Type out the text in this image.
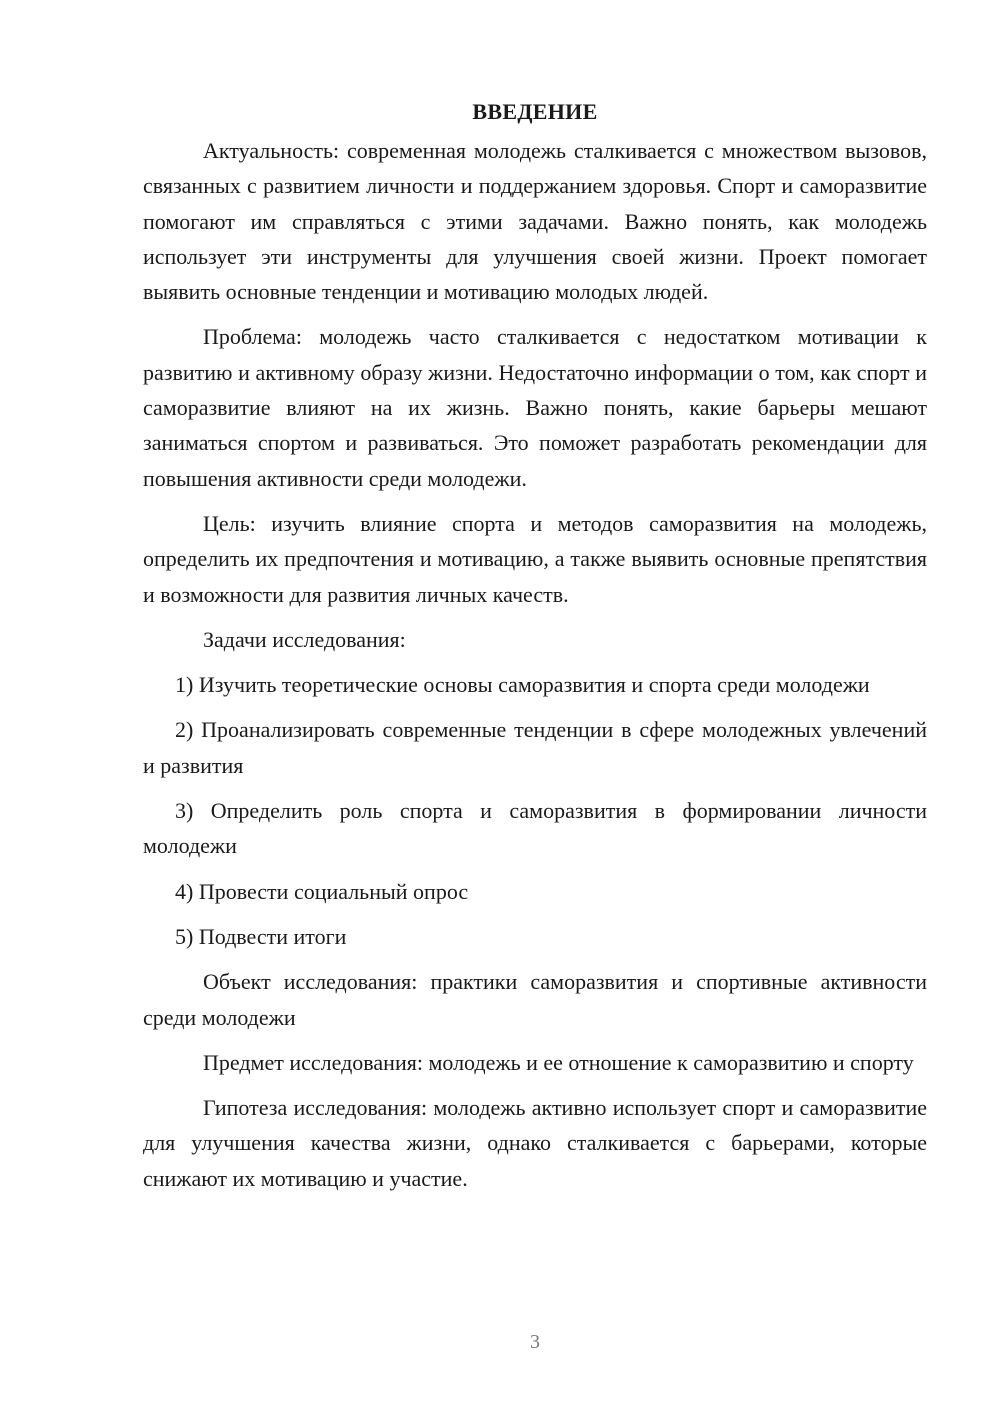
ВВЕДЕНИЕ

Актуальность: современная молодежь сталкивается с множеством вызовов, связанных с развитием личности и поддержанием здоровья. Спорт и саморазвитие помогают им справляться с этими задачами. Важно понять, как молодежь использует эти инструменты для улучшения своей жизни. Проект помогает выявить основные тенденции и мотивацию молодых людей.

Проблема: молодежь часто сталкивается с недостатком мотивации к развитию и активному образу жизни. Недостаточно информации о том, как спорт и саморазвитие влияют на их жизнь. Важно понять, какие барьеры мешают заниматься спортом и развиваться. Это поможет разработать рекомендации для повышения активности среди молодежи.

Цель: изучить влияние спорта и методов саморазвития на молодежь, определить их предпочтения и мотивацию, а также выявить основные препятствия и возможности для развития личных качеств.

Задачи исследования:

1) Изучить теоретические основы саморазвития и спорта среди молодежи

2) Проанализировать современные тенденции в сфере молодежных увлечений и развития

3) Определить роль спорта и саморазвития в формировании личности молодежи

4) Провести социальный опрос

5) Подвести итоги

Объект исследования: практики саморазвития и спортивные активности среди молодежи

Предмет исследования: молодежь и ее отношение к саморазвитию и спорту

Гипотеза исследования: молодежь активно использует спорт и саморазвитие для улучшения качества жизни, однако сталкивается с барьерами, которые снижают их мотивацию и участие.

3
